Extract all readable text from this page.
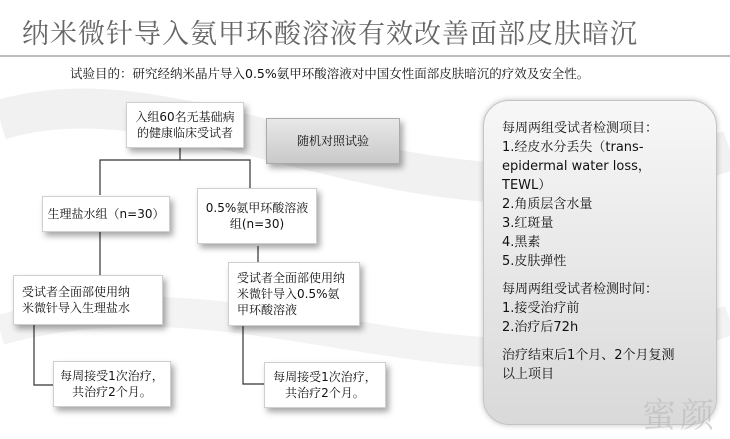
纳米微针导入氨甲环酸溶液有效改善面部皮肤暗沉
试验目的：研究经纳米晶片导入0.5%氨甲环酸溶液对中国女性面部皮肤暗沉的疗效及安全性。
入组60名无基础病
的健康临床受试者
随机对照试验
生理盐水组（n=30）	0.5%氨甲环酸溶液
组(n=30)
受试者全面部使用纳
米微针导入生理盐水
受试者全面部使用纳
米微针导入0.5%氨
甲环酸溶液
每周接受1次治疗，
共治疗2个月。
每周接受1次治疗，
共治疗2个月。

每周两组受试者检测项目：

1.经皮水分丢失（trans-

epidermal water loss，

TEWL）

2.角质层含水量

3.红斑量

4.黑素

5.皮肤弹性

每周两组受试者检测时间：

1.接受治疗前

2.治疗后72h

治疗结束后1个月、2个月复测

以上项目

蜜颜
